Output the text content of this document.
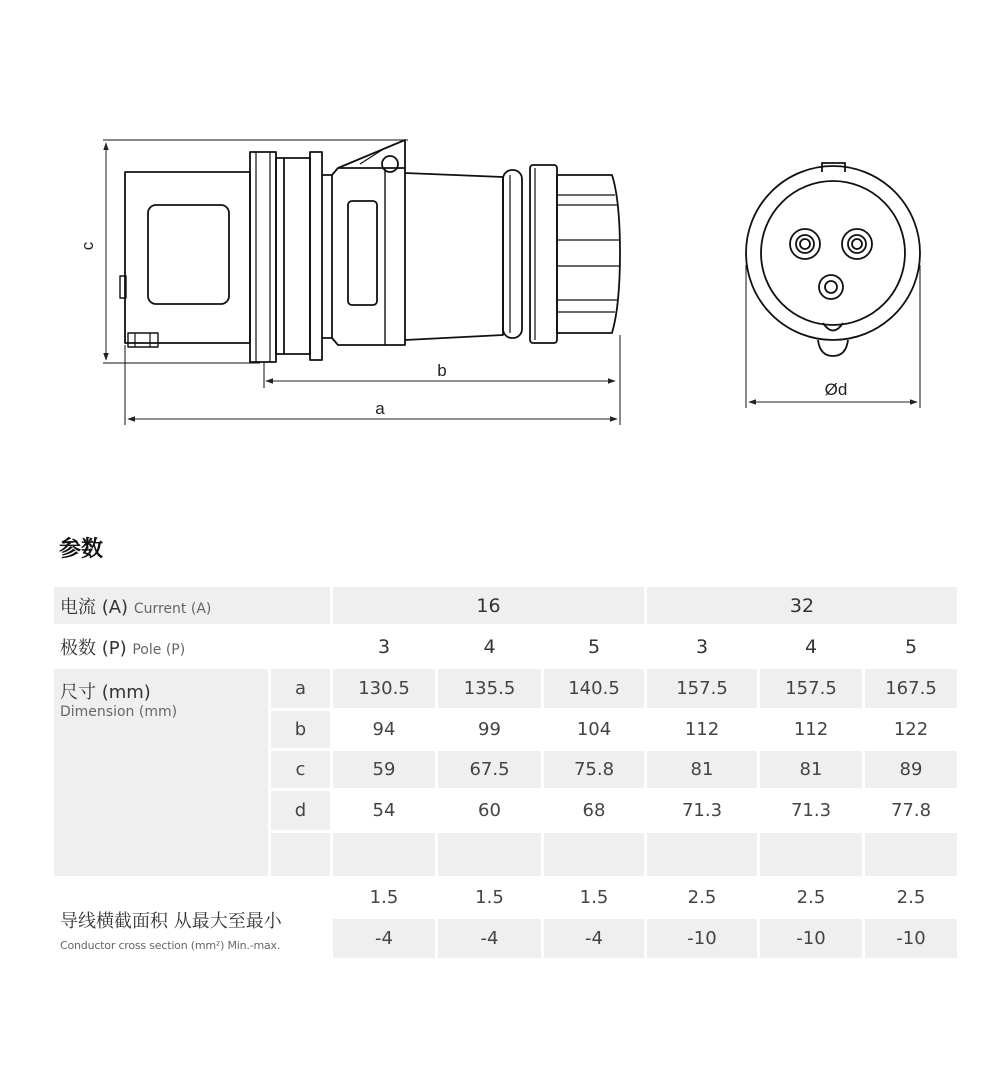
c
b
a
Ød
参数
电流 (A) Current (A)		16			32		
极数 (P) Pole (P)		3	4	5	3	4	5

尺寸 (mm)
Dimension (mm)	a	130.5	135.5	140.5	157.5	157.5	167.5
	b	94	99	104	112	112	122
	c	59	67.5	75.8	81	81	89
	d	54	60	68	71.3	71.3	77.8

导线横截面积 从最大至最小
Conductor cross section (mm²) Min.-max.		1.5	1.5	1.5	2.5	2.5	2.5
		-4	-4	-4	-10	-10	-10
